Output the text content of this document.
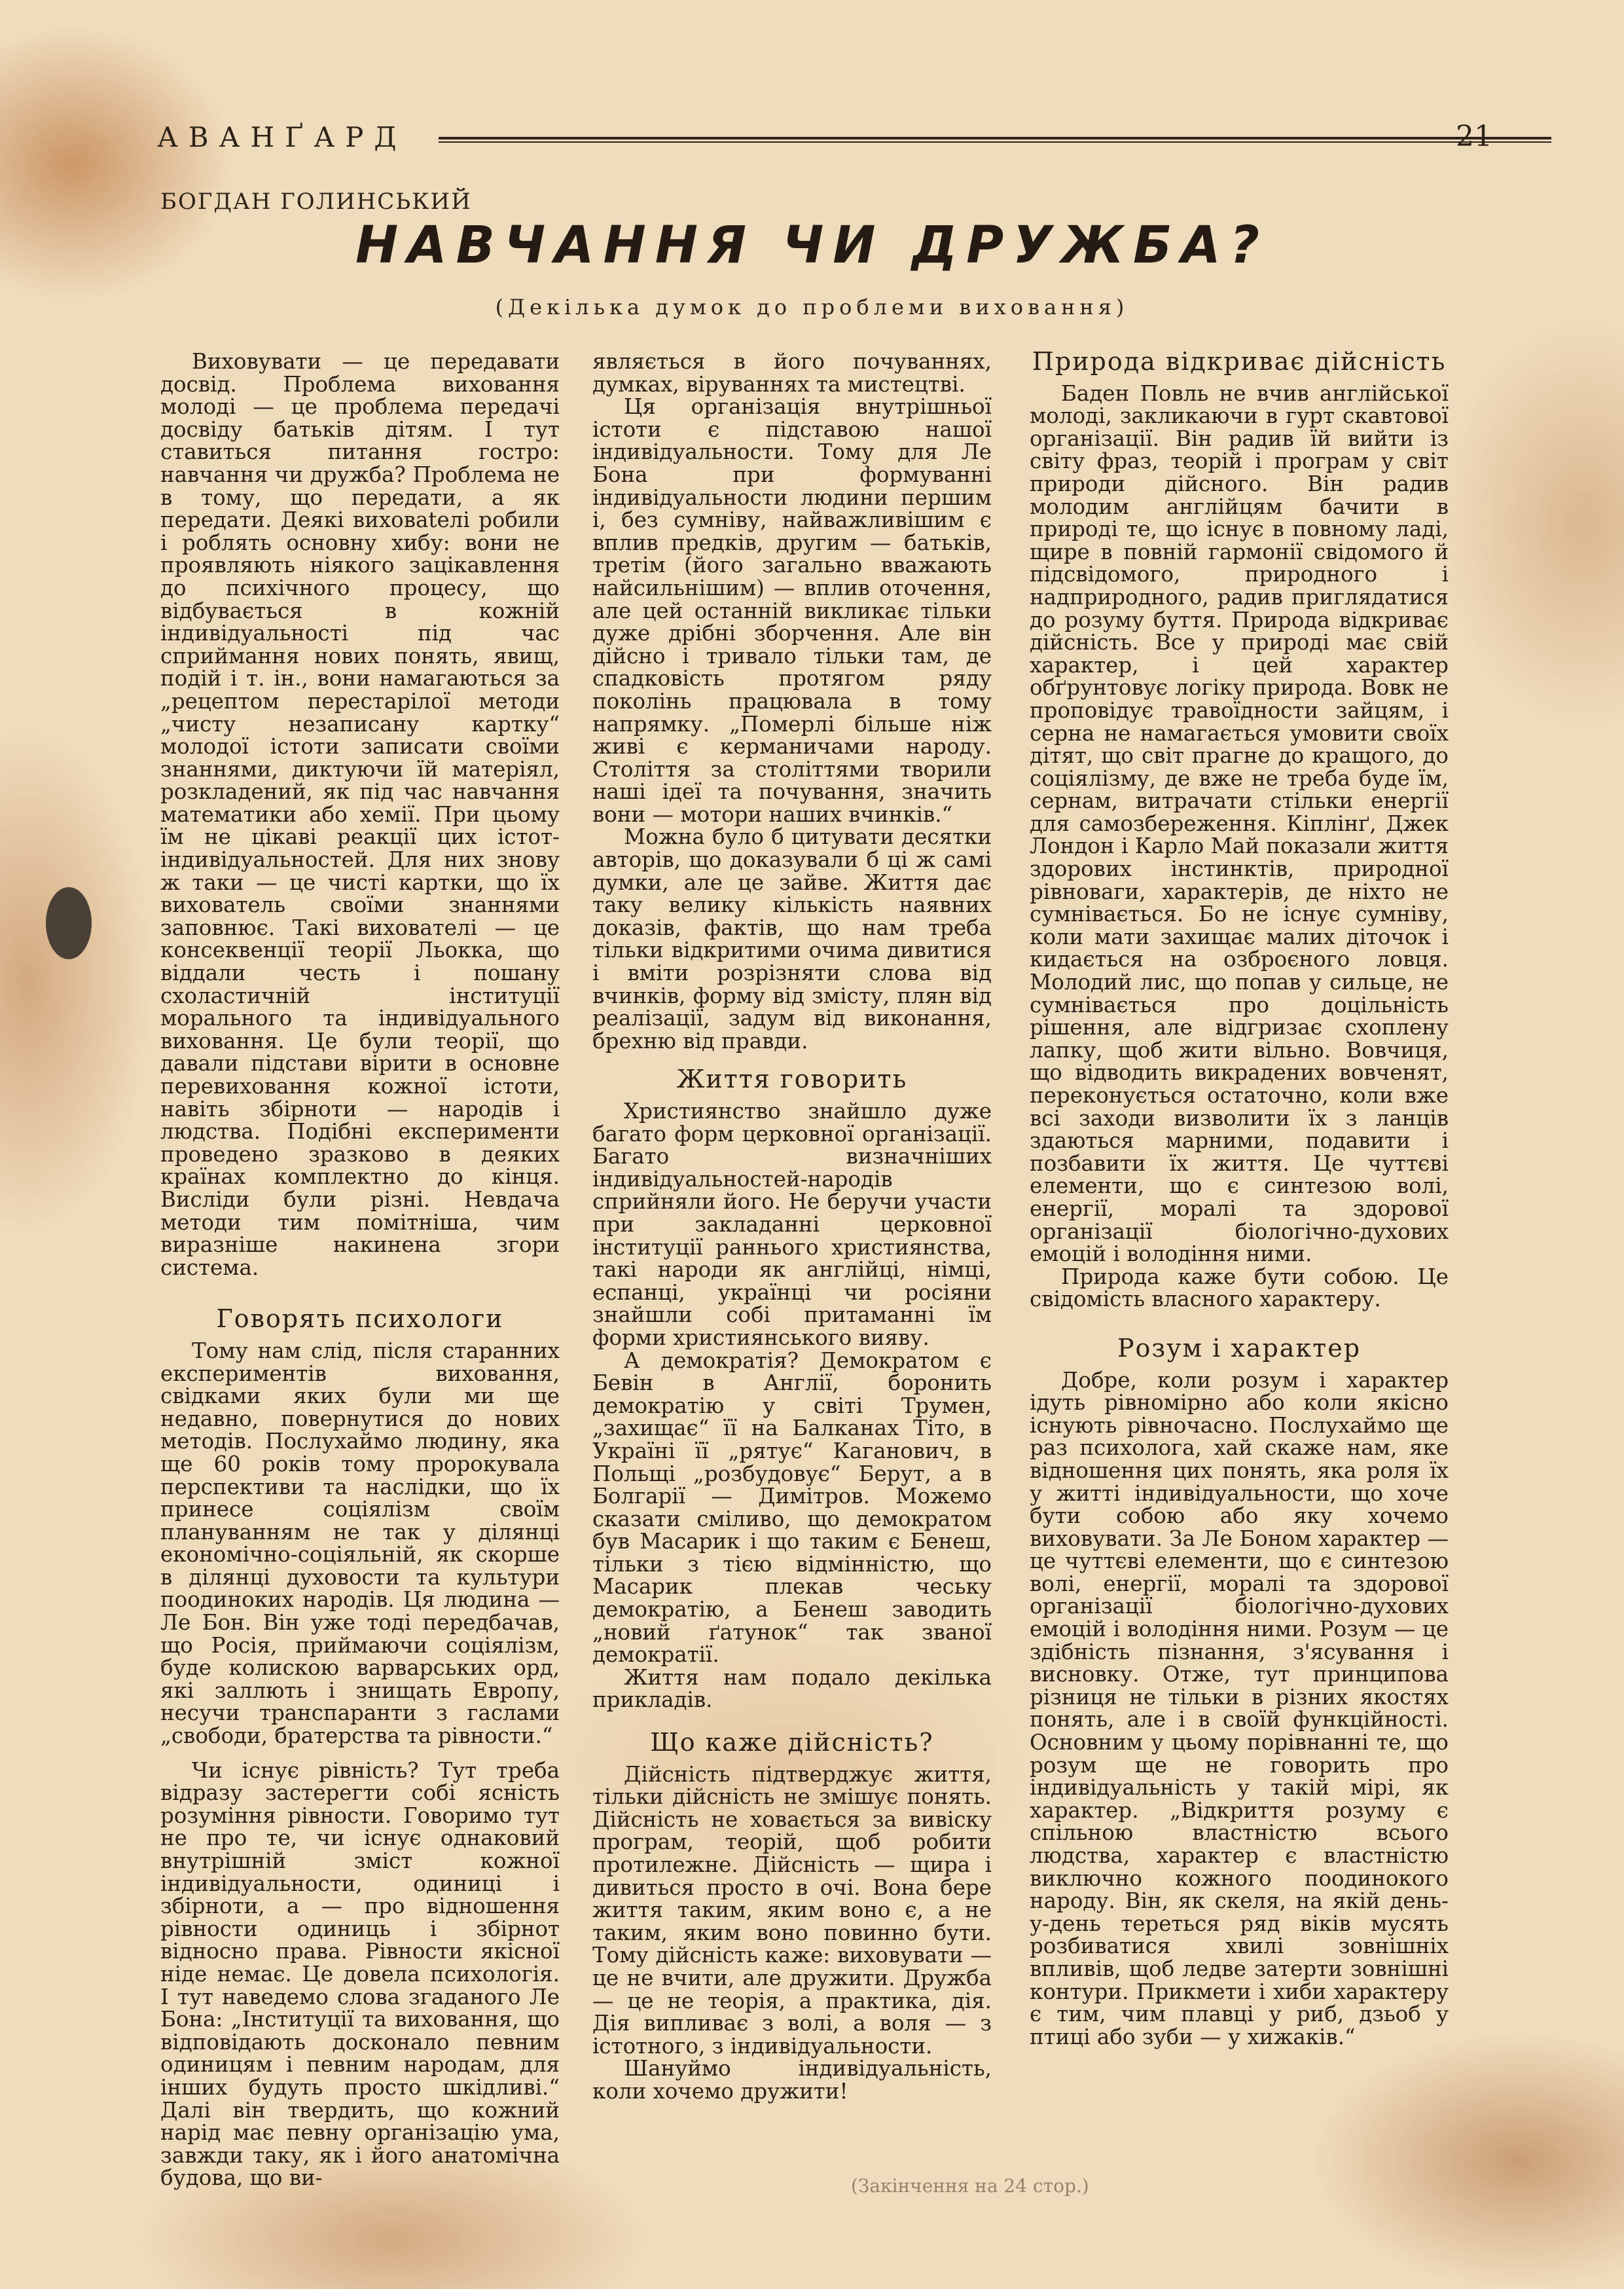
АВАНҐАРД	21
БОГДАН ГОЛИНСЬКИЙ
НАВЧАННЯ ЧИ ДРУЖБА?
(Декілька думок до проблеми виховання)

Виховувати — це передавати досвід. Проблема виховання молоді — це проблема передачі досвіду батьків дітям. І тут ставиться питання гостро: навчання чи дружба? Проблема не в тому, що передати, а як передати. Деякі виховateлі робили і роблять основну хибу: вони не проявляють ніякого зацікавлення до психічного процесу, що відбувається в кожній індивідуальності під час сприймання нових понять, явищ, подій і т. ін., вони намагаються за „рецептом перестарілої методи „чисту незаписану картку“ молодої істоти записати своїми знаннями, диктуючи їй матеріял, розкладений, як під час навчання математики або хемії. При цьому їм не цікаві реакції цих істот-індивідуальностей. Для них знову ж таки — це чисті картки, що їх вихователь своїми знаннями заповнює. Такі вихователі — це консеквенції теорії Льокка, що віддали честь і пошану схоластичній інституції морального та індивідуального виховання. Це були теорії, що давали підстави вірити в основне перевиховання кожної істоти, навіть збірноти — народів і людства. Подібні експерименти проведено зразково в деяких країнах комплектно до кінця. Висліди були різні. Невдача методи тим помітніша, чим виразніше накинена згори система.

Говорять психологи

Тому нам слід, після старанних експериментів виховання, свідками яких були ми ще недавно, повернутися до нових метoдів. Послухаймо людину, яка ще 60 років тому пророкувала перспективи та наслідки, що їх принесе соціялізм своїм плануванням не так у ділянці економічно-соціяльній, як скорше в ділянці духовости та культури поодиноких народів. Ця людина — Ле Бон. Він уже тоді передбачав, що Росія, приймаючи соціялізм, буде колискою варварських орд, які заллють і знищать Европу, несучи транспаранти з гаслами „свободи, братерства та рівности.“

Чи існує рівність? Тут треба відразу застерегти собі ясність розуміння рівности. Говоримо тут не про те, чи існує однаковий внутрішній зміст кожної індивідуальности, одиниці і збірноти, а — про відношення рівности одиниць і збірнот відносно права. Рівности якісної ніде немає. Це довела психологія. І тут наведемо слова згаданого Ле Бона: „Інституції та виховання, що відповідають досконало певним одиницям і певним народам, для інших будуть просто шкідливі.“ Далі він твердить, що кожний нарід має певну організацію ума, завжди таку, як і його анатомічна будова, що ви-

являється в його почуваннях, думках, віруваннях та мистецтві.

Ця організація внутрішньої істоти є підставою нашої індивідуальности. Тому для Ле Бона при формуванні індивідуальности людини першим і, без сумніву, найважливішим є вплив предків, другим — батьків, третім (його загально вважають найсильнішим) — вплив оточення, але цей останній викликає тільки дуже дрібні зборчення. Але він дійсно і тривало тільки там, де спадковість протягом ряду поколінь працювала в тому напрямку. „Померлі більше ніж живі є керманичами народу. Століття за століттями творили наші ідеї та почування, значить вони — мотори наших вчинків.“

Можна було б цитувати десятки авторів, що доказували б ці ж самі думки, але це зайве. Життя дає таку велику кількість наявних доказів, фактів, що нам треба тільки відкритими очима дивитися і вміти розрізняти слова від вчинків, форму від змісту, плян від реалізації, задум від виконання, брехню від правди.

Життя говорить

Християнство знайшло дуже багато форм церковної організації. Багато визначніших індивідуальностей-народів сприйняли його. Не беручи участи при закладанні церковної інституції раннього християнства, такі народи як англійці, німці, еспанці, українці чи росіяни знайшли собі притаманні їм форми християнського вияву.

А демократія? Демократом є Бевін в Англії, боронить демократію у світі Трумен, „захищає“ її на Балканах Тіто, в Україні її „рятує“ Каганович, в Польщі „розбудовує“ Берут, а в Болгарії — Димітров. Можемо сказати сміливо, що демократом був Масарик і що таким є Бенеш, тільки з тією відмінністю, що Масарик плекав чеську демократію, а Бенеш заводить „новий ґатунок“ так званої демократії.

Життя нам подало декілька прикладів.

Що каже дійсність?

Дійсність підтверджує життя, тільки дійсність не змішує понять. Дійсність не ховається за вивіску програм, теорій, щоб робити протилежне. Дійсність — щира і дивиться просто в очі. Вона бере життя таким, яким воно є, а не таким, яким воно повинно бути. Тому дійсність каже: виховувати — це не вчити, але дружити. Дружба — це не теорія, а практика, дія. Дія випливає з волі, а воля — з істотного, з індивідуальности.

Шануймо індивідуальність, коли хочемо дружити!

Природа відкриває дійсність

Баден Повль не вчив англійської молоді, закликаючи в гурт скавтової організації. Він радив їй вийти із світу фраз, теорій і програм у світ природи дійсного. Він радив молодим англійцям бачити в природі те, що існує в повному ладі, щире в повній гармонії свідомого й підсвідомого, природного і надприродного, радив приглядатися до розуму буття. Природа відкриває дійсність. Все у природі має свій характер, і цей характер обґрунтовує логіку природа. Вовк не проповідує травоїдности зайцям, і серна не намагається умовити своїх дітят, що світ прагне до кращого, до соціялізму, де вже не треба буде їм, сернам, витрачати стільки енергії для самозбереження. Кіплінґ, Джек Лондон і Карло Май показали життя здорових інстинктів, природної рівноваги, характерів, де ніхто не сумнівається. Бо не існує сумніву, коли мати захищає малих діточок і кидається на озброєного ловця. Молодий лис, що попав у сильце, не сумнівається про доцільність рішення, але відгризає схоплену лапку, щоб жити вільно. Вовчиця, що відводить викрадених вовченят, переконується остаточно, коли вже всі заходи визволити їх з ланців здаються марними, подавити і позбавити їх життя. Це чуттєві елементи, що є синтезою волі, енергії, моралі та здорової організації біологічно-духових емоцій і володіння ними.

Природа каже бути собою. Це свідомість власного характеру.

Розум і характер

Добре, коли розум і характер ідуть рівномірно або коли якісно існують рівночасно. Послухаймо ще раз психолога, хай скаже нам, яке відношення цих понять, яка роля їх у житті індивідуальности, що хоче бути собою або яку хочемо виховувати. За Ле Боном характер — це чуттєві елементи, що є синтезою волі, енергії, моралі та здорової організації біологічно-духових емоцій і володіння ними. Розум — це здібність пізнання, з'ясування і висновку. Отже, тут принципова різниця не тільки в різних якостях понять, але і в своїй функційності. Основним у цьому порівнанні те, що розум ще не говорить про індивідуальність у такій мірі, як характер. „Відкриття розуму є спільною властністю всього людства, характер є властністю виключно кожного поодинокого народу. Він, як скеля, на якій день-у-день тереться ряд віків мусять розбиватися хвилі зовнішніх впливів, щоб ледве затерти зовнішні контури. Прикмети і хиби характеру є тим, чим плавці у риб, дзьоб у птиці або зуби — у хижаків.“

(Закінчення на 24 стор.)
